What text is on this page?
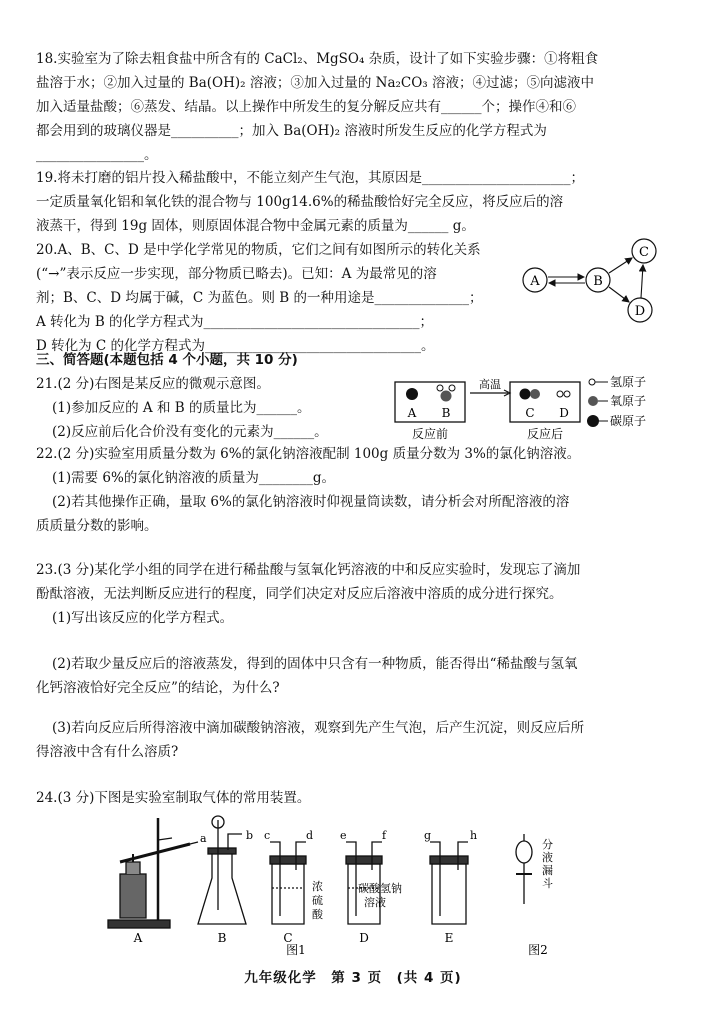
18.实验室为了除去粗食盐中所含有的 CaCl₂、MgSO₄ 杂质，设计了如下实验步骤：①将粗食
盐溶于水；②加入过量的 Ba(OH)₂ 溶液；③加入过量的 Na₂CO₃ 溶液；④过滤；⑤向滤液中
加入适量盐酸；⑥蒸发、结晶。以上操作中所发生的复分解反应共有______个；操作④和⑥
都会用到的玻璃仪器是__________；加入 Ba(OH)₂ 溶液时所发生反应的化学方程式为
________________。
19.将未打磨的铝片投入稀盐酸中，不能立刻产生气泡，其原因是______________________；
一定质量氧化铝和氧化铁的混合物与 100g14.6%的稀盐酸恰好完全反应，将反应后的溶
液蒸干，得到 19g 固体，则原固体混合物中金属元素的质量为______ g。
20.A、B、C、D 是中学化学常见的物质，它们之间有如图所示的转化关系
(“→”表示反应一步实现，部分物质已略去)。已知：A 为最常见的溶
剂；B、C、D 均属于碱，C 为蓝色。则 B 的一种用途是______________；
A 转化为 B 的化学方程式为________________________________；
D 转化为 C 的化学方程式为________________________________。
A	B
C
D
三、简答题(本题包括 4 个小题，共 10 分)
21.(2 分)右图是某反应的微观示意图。
(1)参加反应的 A 和 B 的质量比为______。
(2)反应前后化合价没有变化的元素为______。
A B
高温
C D
反应前	反应后
氢原子
氧原子
碳原子
22.(2 分)实验室用质量分数为 6%的氯化钠溶液配制 100g 质量分数为 3%的氯化钠溶液。
(1)需要 6%的氯化钠溶液的质量为________g。
(2)若其他操作正确，量取 6%的氯化钠溶液时仰视量筒读数，请分析会对所配溶液的溶
质质量分数的影响。
23.(3 分)某化学小组的同学在进行稀盐酸与氢氧化钙溶液的中和反应实验时，发现忘了滴加
酚酞溶液，无法判断反应进行的程度，同学们决定对反应后溶液中溶质的成分进行探究。
(1)写出该反应的化学方程式。
(2)若取少量反应后的溶液蒸发，得到的固体中只含有一种物质，能否得出“稀盐酸与氢氧
化钙溶液恰好完全反应”的结论，为什么?
(3)若向反应后所得溶液中滴加碳酸钠溶液，观察到先产生气泡，后产生沉淀，则反应后所
得溶液中含有什么溶质?
24.(3 分)下图是实验室制取气体的常用装置。
a	b c	d e	f	g	h
浓
硫
酸
碳酸氢钠
溶液
分
液
漏
斗
A	B	C	D	E
图1	图2
九年级化学　第 3 页　(共 4 页)
